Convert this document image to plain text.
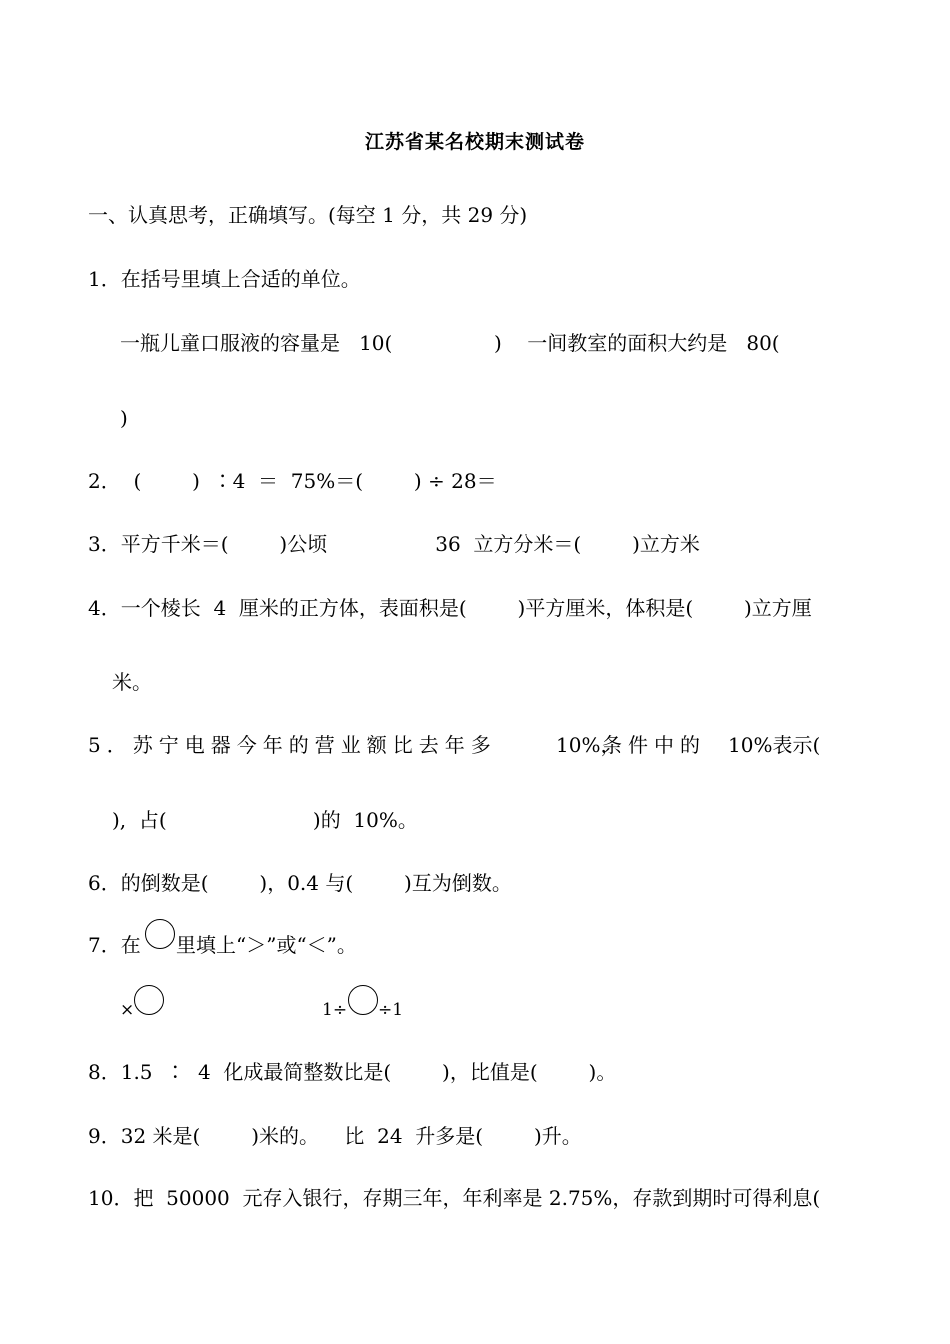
江苏省某名校期末测试卷
一、认真思考，正确填写。(每空 1 分，共 29 分)
1．在括号里填上合适的单位。
一瓶儿童口服液的容量是   10(                )    一间教室的面积大约是   80(
)
2．  (        )  ∶4  ＝  75%＝(        ) ÷ 28＝
3．平方千米＝(        )公顷                 36  立方分米＝(        )立方米
4．一个棱长  4  厘米的正方体，表面积是(        )平方厘米，体积是(        )立方厘
米。
5．苏宁电器今年的营业额比去年多	10%，
条件中的 10%表示(
),  占(                       )的  10%。
6．的倒数是(        )，0.4 与(        )互为倒数。
7．在 里填上“＞”或“＜”。
×	1÷ ÷1
8．1.5  ∶  4  化成最简整数比是(        )，比值是(        )。
9．32 米是(        )米的。    比  24  升多是(        )升。
10．把  50000  元存入银行，存期三年，年利率是 2.75%，存款到期时可得利息(
